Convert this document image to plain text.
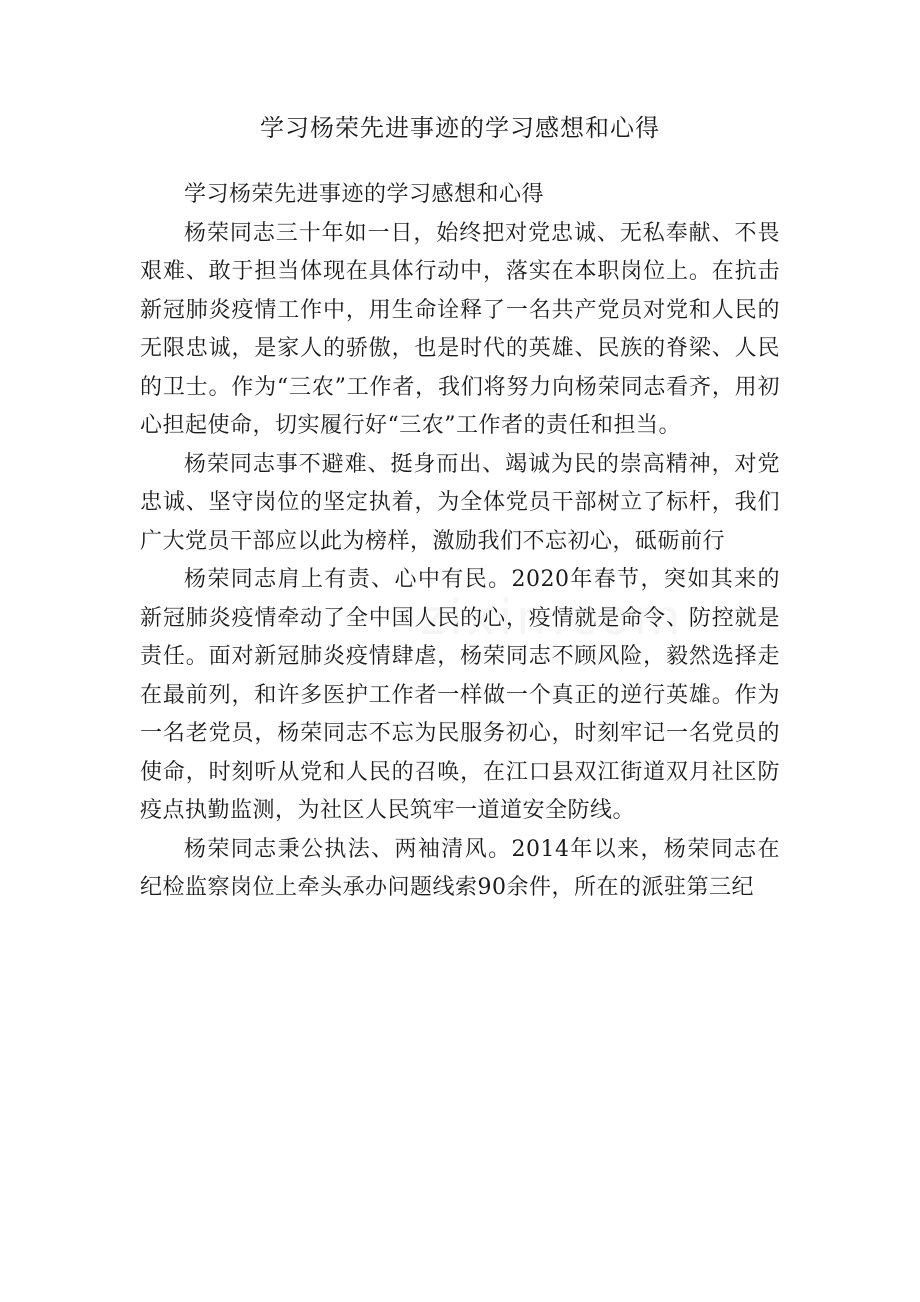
学习杨荣先进事迹的学习感想和心得

学习杨荣先进事迹的学习感想和心得

杨荣同志三十年如一日，始终把对党忠诚、无私奉献、不畏艰难、敢于担当体现在具体行动中，落实在本职岗位上。在抗击新冠肺炎疫情工作中，用生命诠释了一名共产党员对党和人民的无限忠诚，是家人的骄傲，也是时代的英雄、民族的脊梁、人民的卫士。作为“三农”工作者，我们将努力向杨荣同志看齐，用初心担起使命，切实履行好“三农”工作者的责任和担当。

杨荣同志事不避难、挺身而出、竭诚为民的崇高精神，对党忠诚、坚守岗位的坚定执着，为全体党员干部树立了标杆，我们广大党员干部应以此为榜样，激励我们不忘初心，砥砺前行

杨荣同志肩上有责、心中有民。2020年春节，突如其来的新冠肺炎疫情牵动了全中国人民的心，疫情就是命令、防控就是责任。面对新冠肺炎疫情肆虐，杨荣同志不顾风险，毅然选择走在最前列，和许多医护工作者一样做一个真正的逆行英雄。作为一名老党员，杨荣同志不忘为民服务初心，时刻牢记一名党员的使命，时刻听从党和人民的召唤，在江口县双江街道双月社区防疫点执勤监测，为社区人民筑牢一道道安全防线。

杨荣同志秉公执法、两袖清风。2014年以来，杨荣同志在纪检监察岗位上牵头承办问题线索90余件，所在的派驻第三纪
